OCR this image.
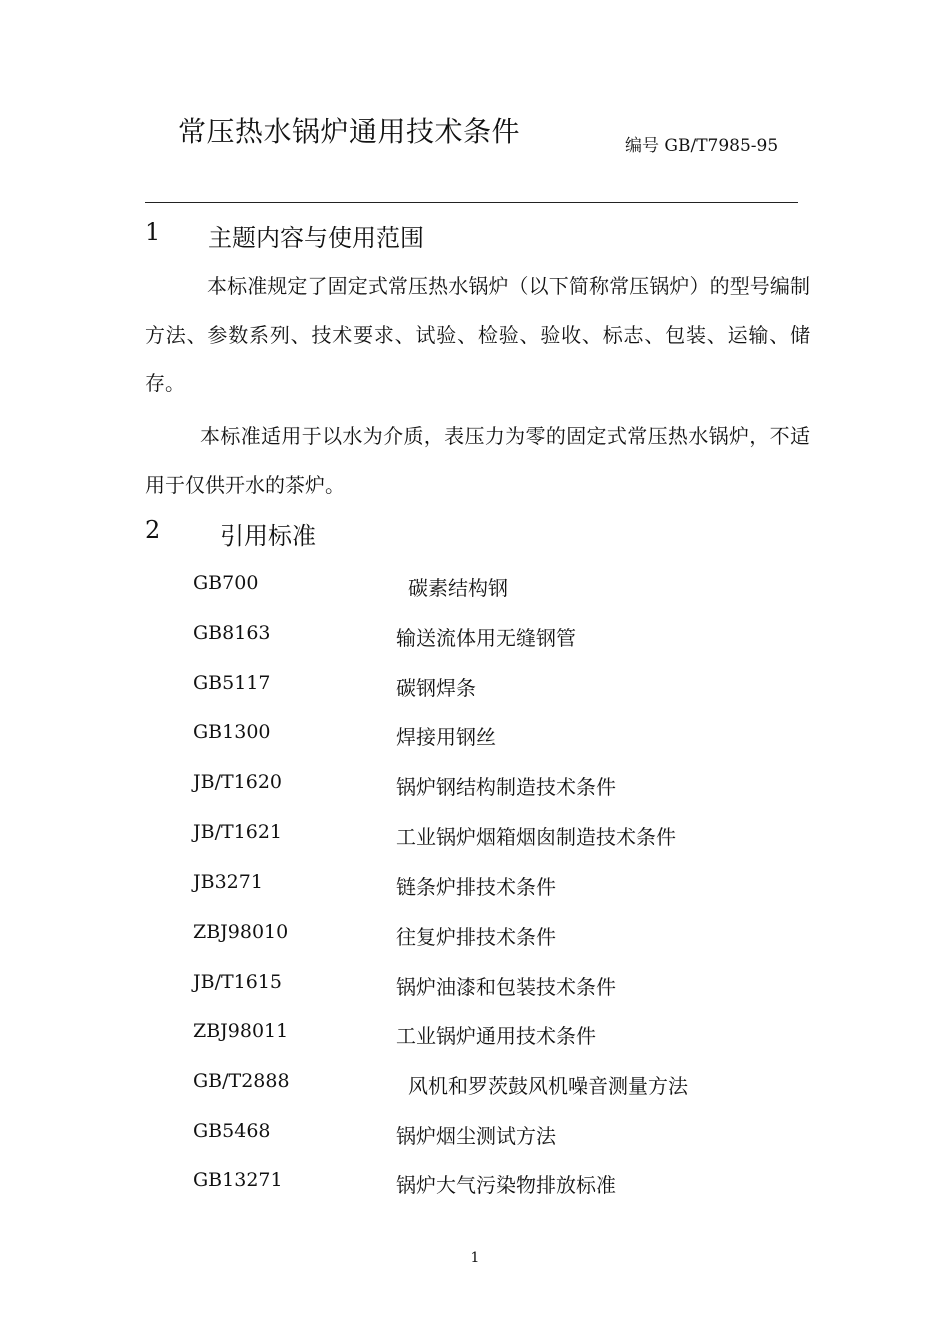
常压热水锅炉通用技术条件	编号 GB/T7985-95
1 主题内容与使用范围

本标准规定了固定式常压热水锅炉（以下简称常压锅炉）的型号编制方法、参数系列、技术要求、试验、检验、验收、标志、包装、运输、储存。

本标准适用于以水为介质，表压力为零的固定式常压热水锅炉，不适用于仅供开水的茶炉。

2 引用标准
GB700	碳素结构钢
GB8163	输送流体用无缝钢管
GB5117	碳钢焊条
GB1300	焊接用钢丝
JB/T1620	锅炉钢结构制造技术条件
JB/T1621	工业锅炉烟箱烟囱制造技术条件
JB3271	链条炉排技术条件
ZBJ98010	往复炉排技术条件
JB/T1615	锅炉油漆和包装技术条件
ZBJ98011	工业锅炉通用技术条件
GB/T2888	风机和罗茨鼓风机噪音测量方法
GB5468	锅炉烟尘测试方法
GB13271	锅炉大气污染物排放标准
1
